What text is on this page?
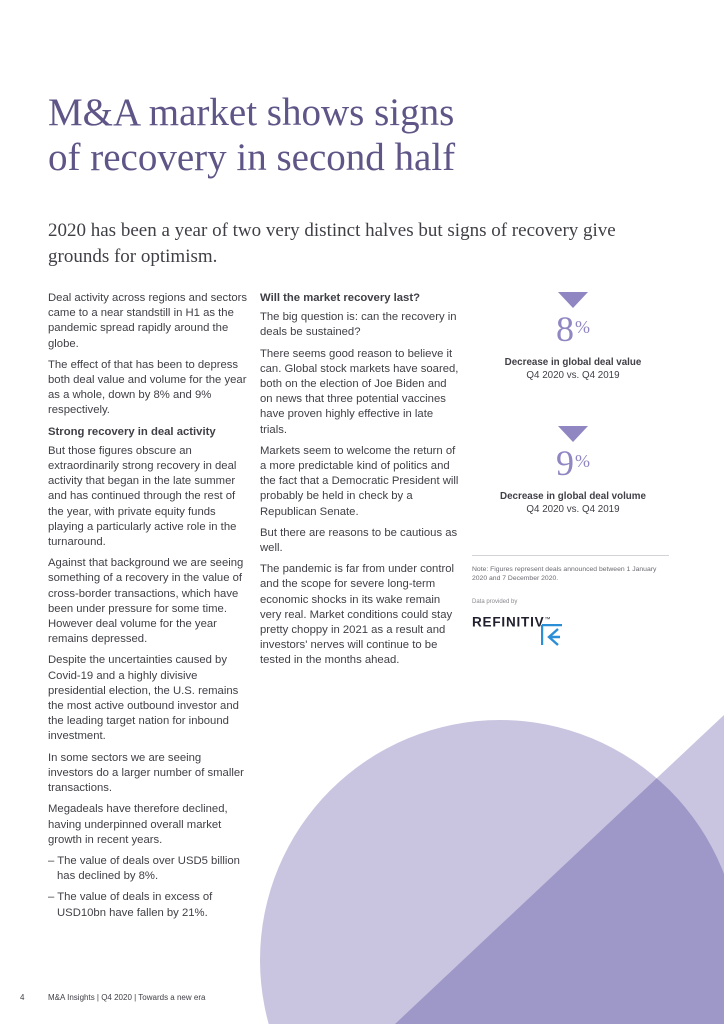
M&A market shows signs
of recovery in second half

2020 has been a year of two very distinct halves but signs of recovery give grounds for optimism.

Deal activity across regions and sectors came to a near standstill in H1 as the pandemic spread rapidly around the globe.

The effect of that has been to depress both deal value and volume for the year as a whole, down by 8% and 9% respectively.

Strong recovery in deal activity

But those figures obscure an extraordinarily strong recovery in deal activity that began in the late summer and has continued through the rest of the year, with private equity funds playing a particularly active role in the turnaround.

Against that background we are seeing something of a recovery in the value of cross-border transactions, which have been under pressure for some time. However deal volume for the year remains depressed.

Despite the uncertainties caused by Covid-19 and a highly divisive presidential election, the U.S. remains the most active outbound investor and the leading target nation for inbound investment.

In some sectors we are seeing investors do a larger number of smaller transactions.

Megadeals have therefore declined, having underpinned overall market growth in recent years.

– The value of deals over USD5 billion has declined by 8%.

– The value of deals in excess of USD10bn have fallen by 21%.

Will the market recovery last?

The big question is: can the recovery in deals be sustained?

There seems good reason to believe it can. Global stock markets have soared, both on the election of Joe Biden and on news that three potential vaccines have proven highly effective in late trials.

Markets seem to welcome the return of a more predictable kind of politics and the fact that a Democratic President will probably be held in check by a Republican Senate.

But there are reasons to be cautious as well.

The pandemic is far from under control and the scope for severe long-term economic shocks in its wake remain very real. Market conditions could stay pretty choppy in 2021 as a result and investors' nerves will continue to be tested in the months ahead.

8%
Decrease in global deal value
Q4 2020 vs. Q4 2019
9%
Decrease in global deal volume
Q4 2020 vs. Q4 2019
Note: Figures represent deals announced between 1 January 2020 and 7 December 2020.
Data provided by
REFINITIV™
4	M&A Insights | Q4 2020 | Towards a new era
